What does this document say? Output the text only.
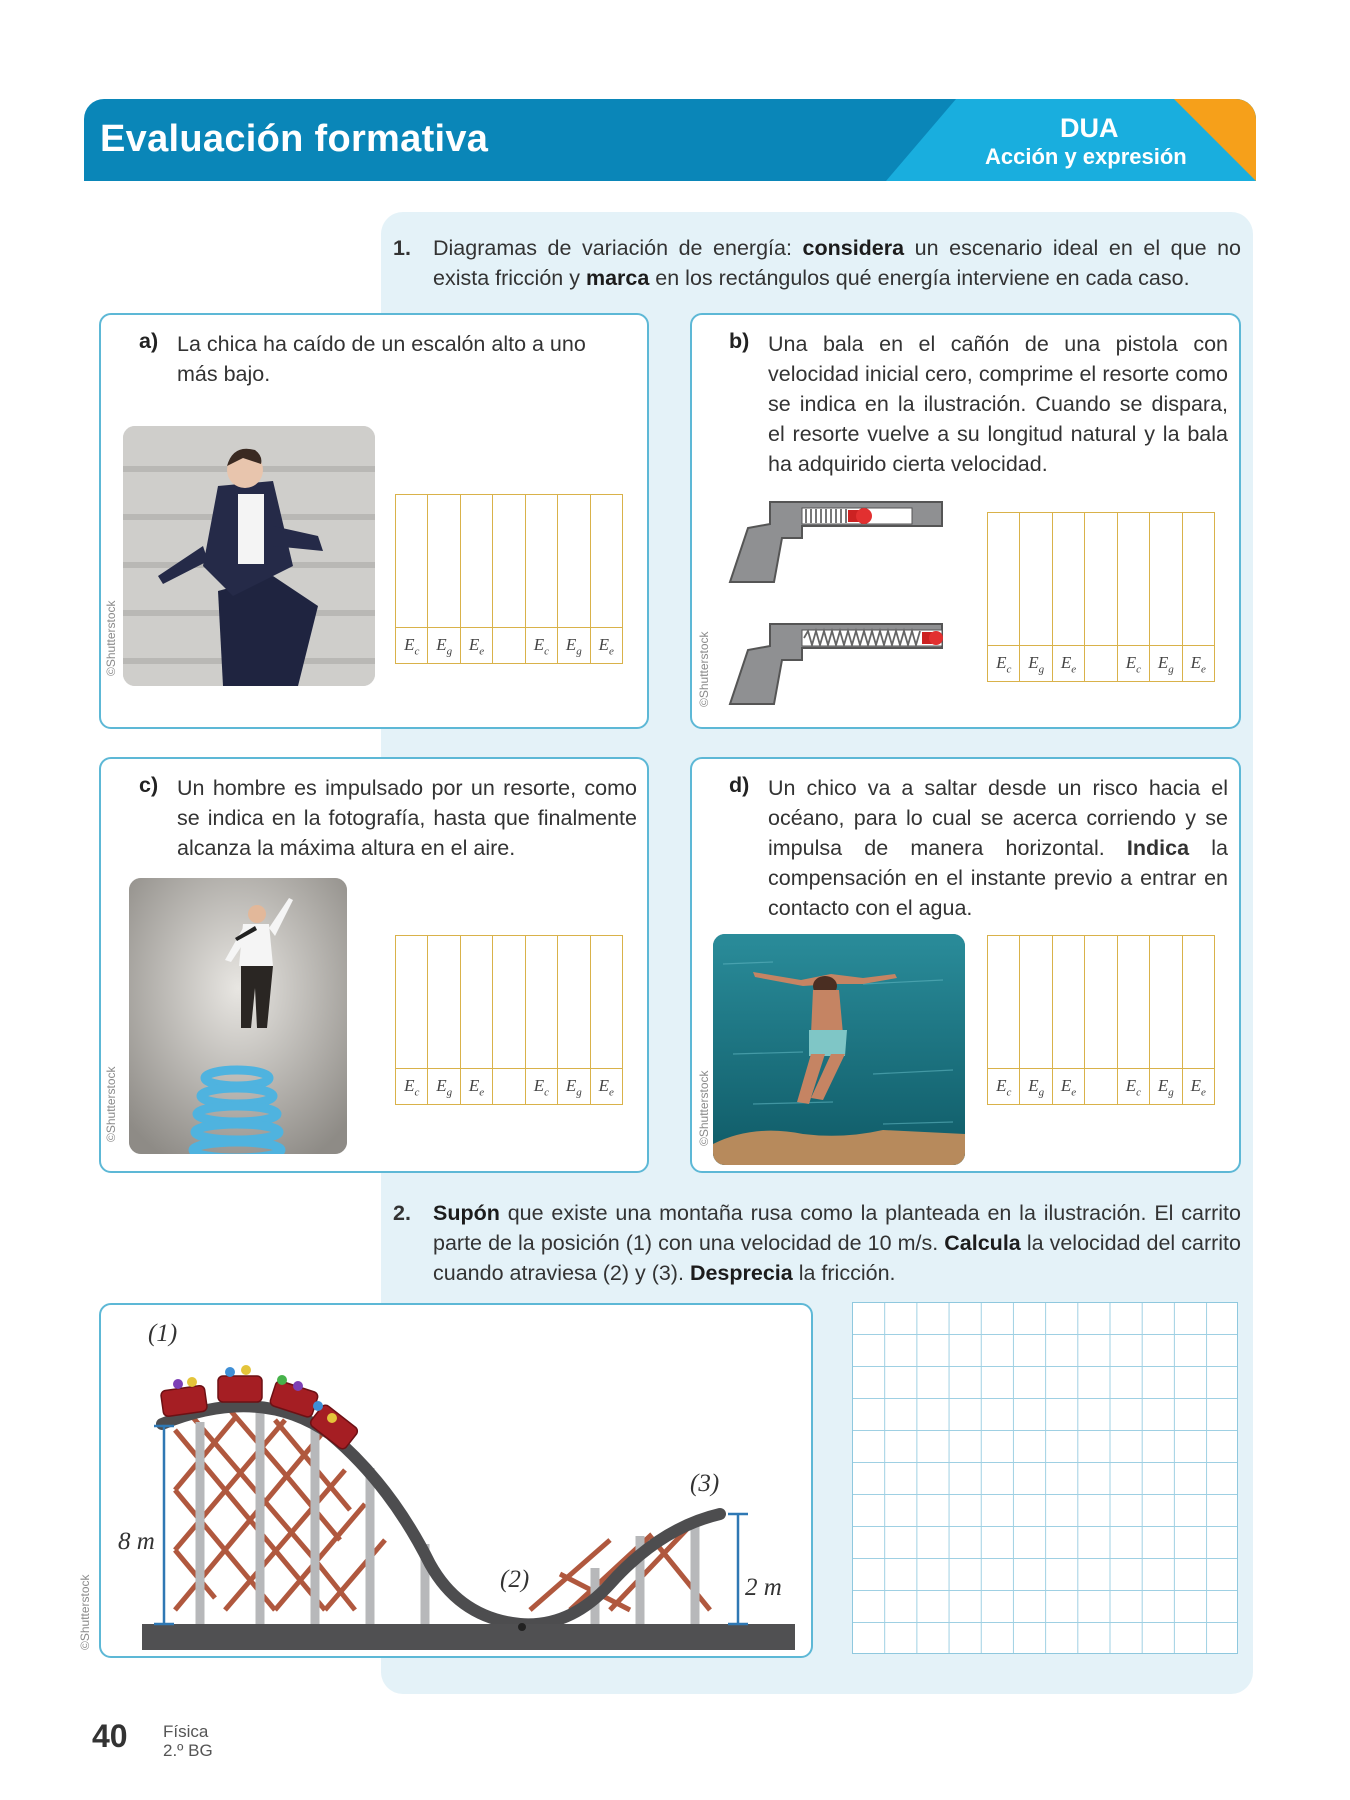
Evaluación formativa	DUA
Acción y expresión
1. Diagramas de variación de energía: considera un escenario ideal en el que no exista fricción y marca en los rectángulos qué energía interviene en cada caso.
a) La chica ha caído de un escalón alto a uno más bajo.
©Shutterstock	$E_c$ $E_g$ $E_e$	$E_c$ $E_g$ $E_e$
b) Una bala en el cañón de una pistola con velocidad inicial cero, comprime el resorte como se indica en la ilustración. Cuando se dispara, el resorte vuelve a su longitud natural y la bala ha adquirido cierta velocidad.
©Shutterstock	$E_c$ $E_g$ $E_e$	$E_c$ $E_g$ $E_e$
c) Un hombre es impulsado por un resorte, como se indica en la fotografía, hasta que finalmente alcanza la máxima altura en el aire.
©Shutterstock	$E_c$ $E_g$ $E_e$	$E_c$ $E_g$ $E_e$
d) Un chico va a saltar desde un risco hacia el océano, para lo cual se acerca corriendo y se impulsa de manera horizontal. Indica la compensación en el instante previo a entrar en contacto con el agua.
©Shutterstock	$E_c$ $E_g$ $E_e$	$E_c$ $E_g$ $E_e$
2. Supón que existe una montaña rusa como la planteada en la ilustración. El carrito parte de la posición (1) con una velocidad de 10 m/s. Calcula la velocidad del carrito cuando atraviesa (2) y (3). Desprecia la fricción.
(1)
(2)
(3)
8 m
2 m
©Shutterstock
40 Física
2.º BG
